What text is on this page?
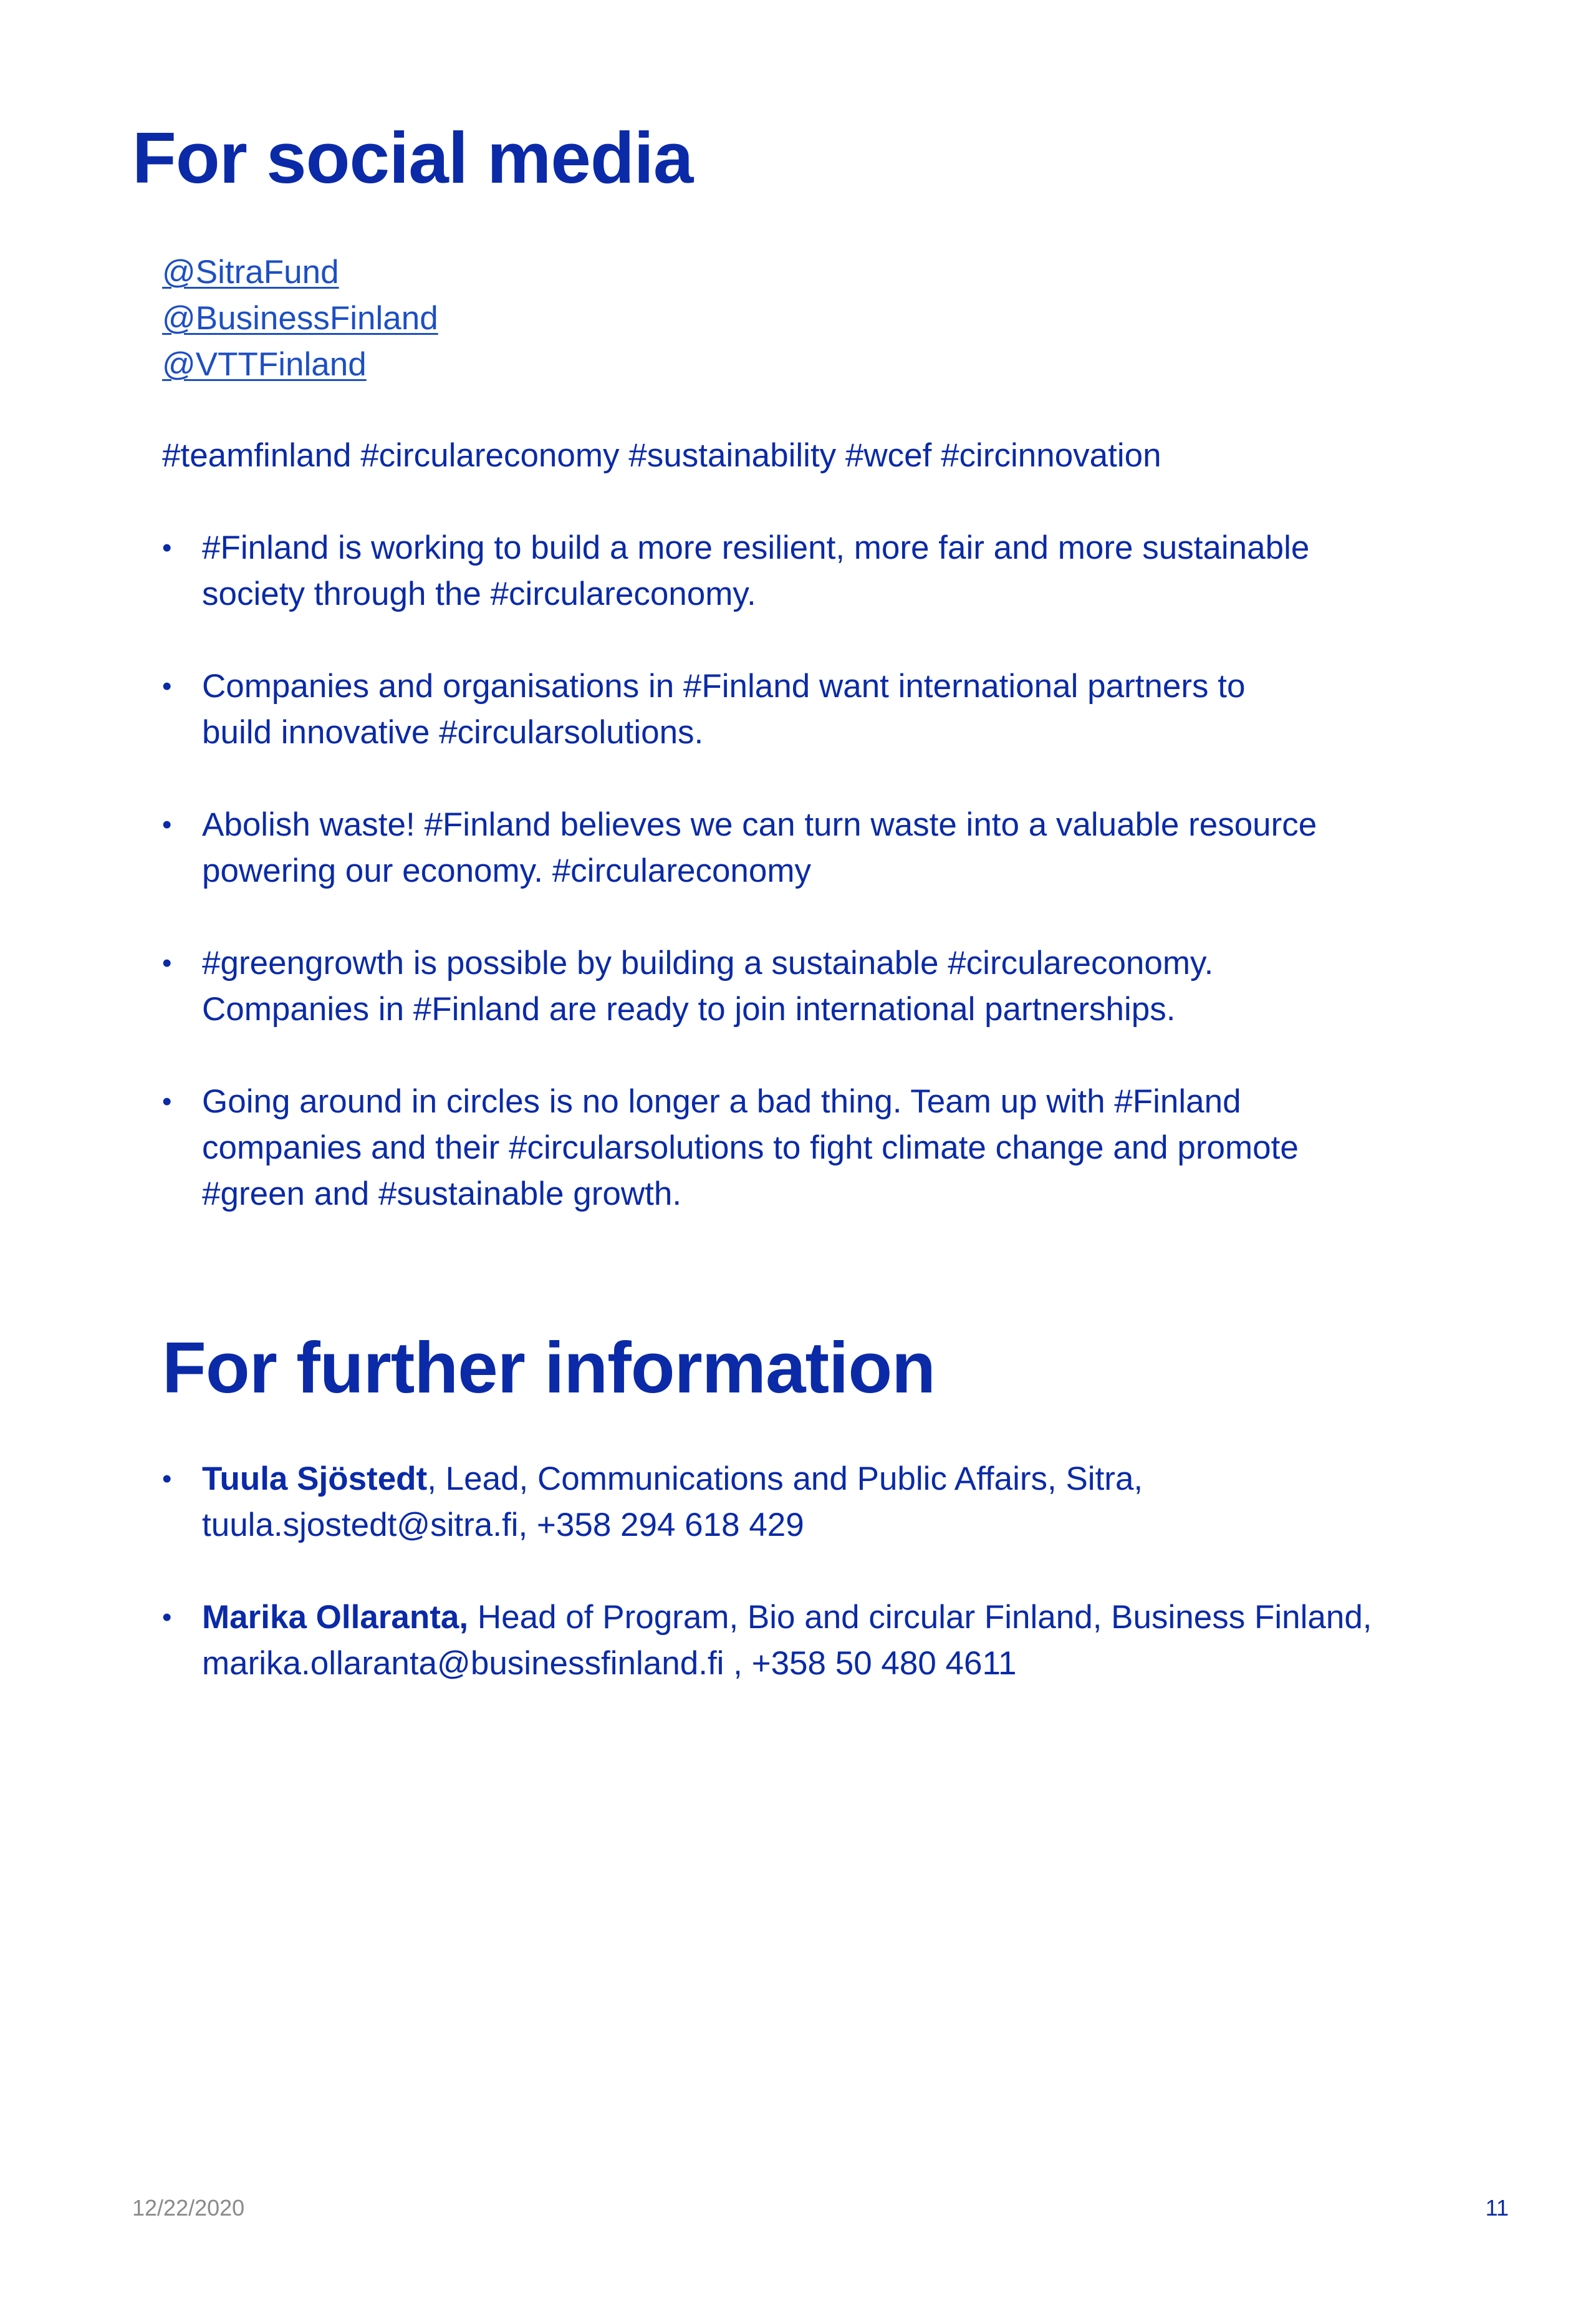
For social media
@SitraFund
@BusinessFinland
@VTTFinland
#teamfinland #circulareconomy #sustainability #wcef #circinnovation
• #Finland is working to build a more resilient, more fair and more sustainable
society through the #circulareconomy.
• Companies and organisations in #Finland want international partners to
build innovative #circularsolutions.
• Abolish waste! #Finland believes we can turn waste into a valuable resource
powering our economy. #circulareconomy
• #greengrowth is possible by building a sustainable #circulareconomy.
Companies in #Finland are ready to join international partnerships.
• Going around in circles is no longer a bad thing. Team up with #Finland
companies and their #circularsolutions to fight climate change and promote
#green and #sustainable growth.
For further information
• Tuula Sjöstedt, Lead, Communications and Public Affairs, Sitra,
tuula.sjostedt@sitra.fi, +358 294 618 429
• Marika Ollaranta, Head of Program, Bio and circular Finland, Business Finland,
marika.ollaranta@businessfinland.fi , +358 50 480 4611
12/22/2020	11
